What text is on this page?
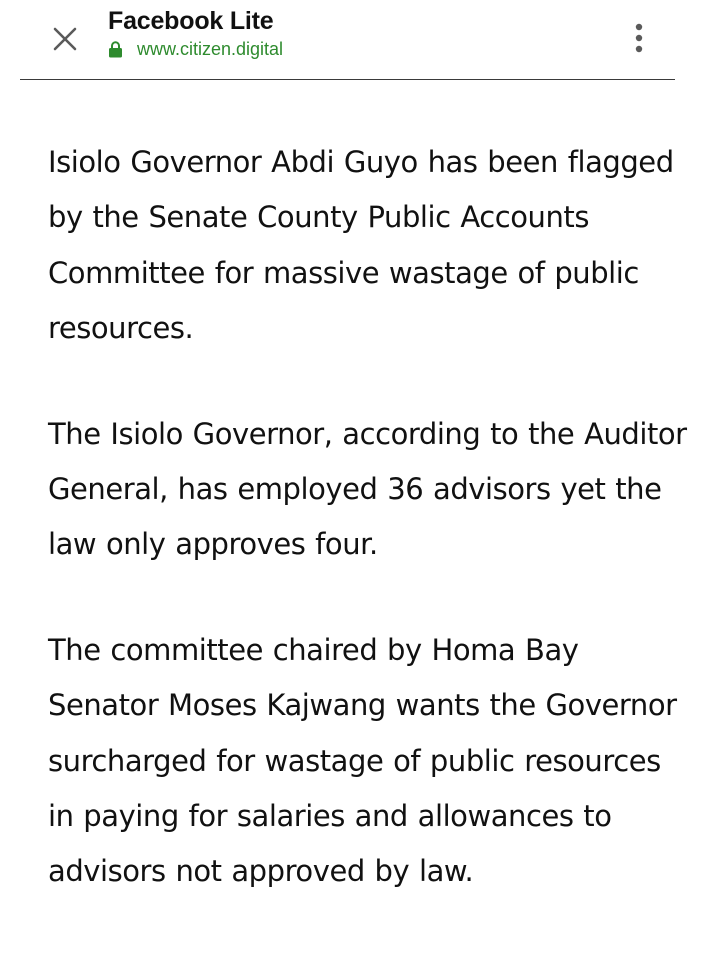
Facebook Lite
www.citizen.digital

Isiolo Governor Abdi Guyo has been flagged by the Senate County Public Accounts Committee for massive wastage of public resources.

The Isiolo Governor, according to the Auditor General, has employed 36 advisors yet the law only approves four.

The committee chaired by Homa Bay Senator Moses Kajwang wants the Governor surcharged for wastage of public resources in paying for salaries and allowances to advisors not approved by law.
